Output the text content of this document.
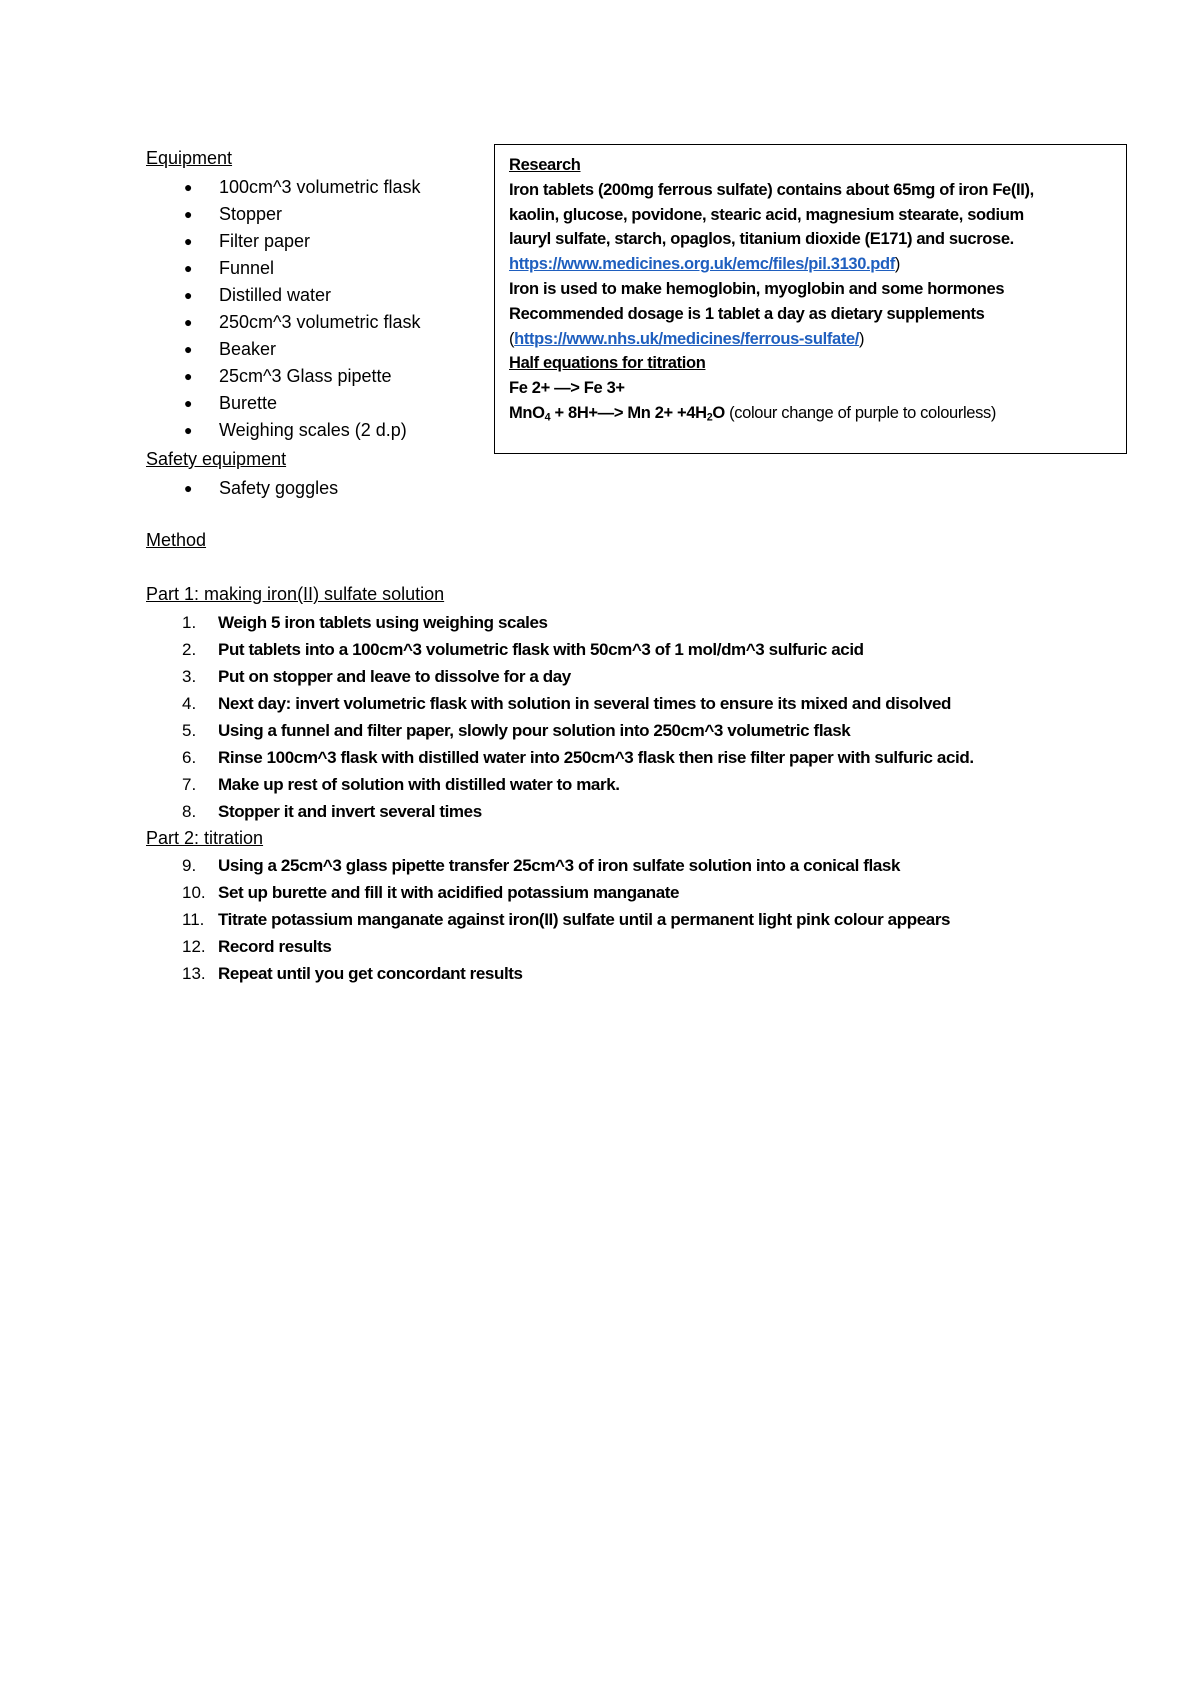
Equipment
● 100cm^3 volumetric flask
● Stopper
● Filter paper
● Funnel
● Distilled water
● 250cm^3 volumetric flask
● Beaker
● 25cm^3 Glass pipette
● Burette
● Weighing scales (2 d.p)
Safety equipment
● Safety goggles
Method
Part 1: making iron(II) sulfate solution
1. Weigh 5 iron tablets using weighing scales
2. Put tablets into a 100cm^3 volumetric flask with 50cm^3 of 1 mol/dm^3 sulfuric acid
3. Put on stopper and leave to dissolve for a day
4. Next day: invert volumetric flask with solution in several times to ensure its mixed and disolved
5. Using a funnel and filter paper, slowly pour solution into 250cm^3 volumetric flask
6. Rinse 100cm^3 flask with distilled water into 250cm^3 flask then rise filter paper with sulfuric acid.
7. Make up rest of solution with distilled water to mark.
8. Stopper it and invert several times
Part 2: titration
9. Using a 25cm^3 glass pipette transfer 25cm^3 of iron sulfate solution into a conical flask
10. Set up burette and fill it with acidified potassium manganate
11. Titrate potassium manganate against iron(II) sulfate until a permanent light pink colour appears
12. Record results
13. Repeat until you get concordant results
Research
Iron tablets (200mg ferrous sulfate) contains about 65mg of iron Fe(II),
kaolin, glucose, povidone, stearic acid, magnesium stearate, sodium
lauryl sulfate, starch, opaglos, titanium dioxide (E171) and sucrose.
https://www.medicines.org.uk/emc/files/pil.3130.pdf)
Iron is used to make hemoglobin, myoglobin and some hormones
Recommended dosage is 1 tablet a day as dietary supplements
(https://www.nhs.uk/medicines/ferrous-sulfate/)
Half equations for titration
Fe 2+ —> Fe 3+
MnO$_4$ + 8H+—> Mn $2+ +4H_2O$ (colour change of purple to colourless)
